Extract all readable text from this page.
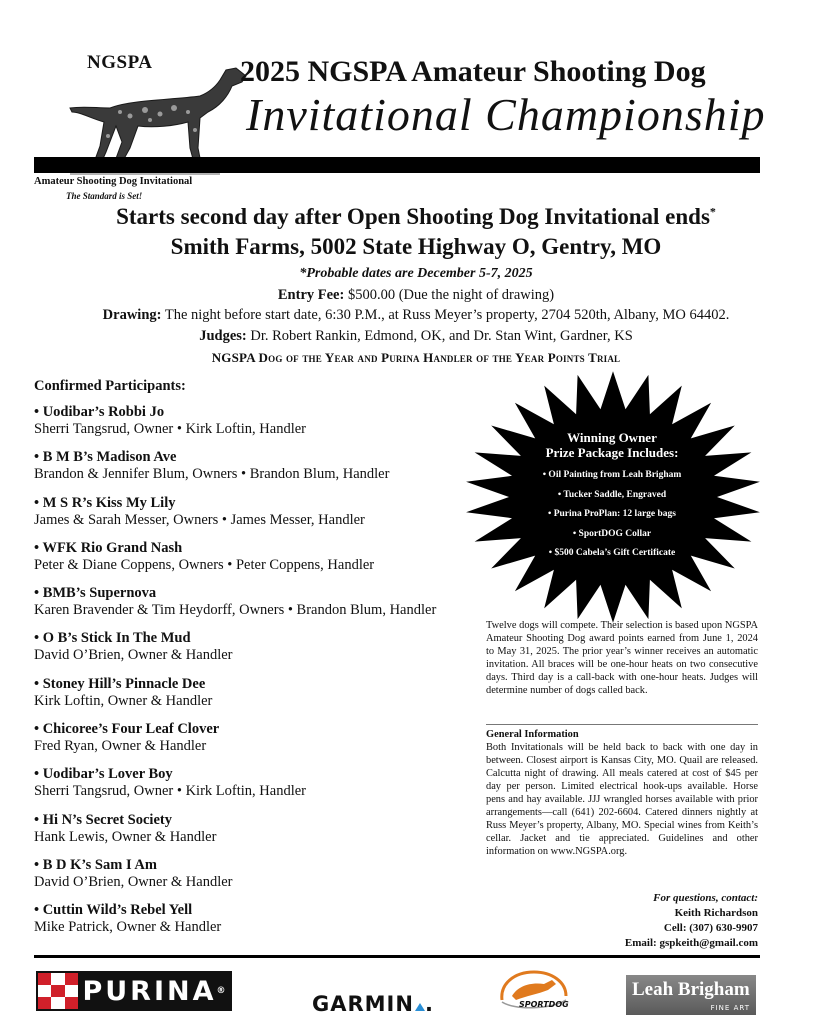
NGSPA
Amateur Shooting Dog Invitational
The Standard is Set!
2025 NGSPA Amateur Shooting Dog
Invitational Championship
Starts second day after Open Shooting Dog Invitational ends*
Smith Farms, 5002 State Highway O, Gentry, MO
*Probable dates are December 5-7, 2025
Entry Fee: $500.00 (Due the night of drawing)
Drawing: The night before start date, 6:30 P.M., at Russ Meyer’s property, 2704 520th, Albany, MO 64402.
Judges: Dr. Robert Rankin, Edmond, OK, and Dr. Stan Wint, Gardner, KS
NGSPA Dog of the Year and Purina Handler of the Year Points Trial
Confirmed Participants:
• Uodibar’s Robbi Jo
Sherri Tangsrud, Owner • Kirk Loftin, Handler
• B M B’s Madison Ave
Brandon & Jennifer Blum, Owners • Brandon Blum, Handler
• M S R’s Kiss My Lily
James & Sarah Messer, Owners • James Messer, Handler
• WFK Rio Grand Nash
Peter & Diane Coppens, Owners • Peter Coppens, Handler
• BMB’s Supernova
Karen Bravender & Tim Heydorff, Owners • Brandon Blum, Handler
• O B’s Stick In The Mud
David O’Brien, Owner & Handler
• Stoney Hill’s Pinnacle Dee
Kirk Loftin, Owner & Handler
• Chicoree’s Four Leaf Clover
Fred Ryan, Owner & Handler
• Uodibar’s Lover Boy
Sherri Tangsrud, Owner • Kirk Loftin, Handler
• Hi N’s Secret Society
Hank Lewis, Owner & Handler
• B D K’s Sam I Am
David O’Brien, Owner & Handler
• Cuttin Wild’s Rebel Yell
Mike Patrick, Owner & Handler
Winning Owner
Prize Package Includes:
• Oil Painting from Leah Brigham
• Tucker Saddle, Engraved
• Purina ProPlan: 12 large bags
• SportDOG Collar
• $500 Cabela’s Gift Certificate
Twelve dogs will compete. Their selection is based upon NGSPA Amateur Shooting Dog award points earned from June 1, 2024 to May 31, 2025. The prior year’s winner receives an automatic invitation. All braces will be one-hour heats on two consecutive days. Third day is a call-back with one-hour heats. Judges will determine number of dogs called back.
General Information
Both Invitationals will be held back to back with one day in between. Closest airport is Kansas City, MO. Quail are released. Calcutta night of drawing. All meals catered at cost of $45 per day per person. Limited electrical hook-ups available. Horse pens and hay available. JJJ wrangled horses available with prior arrangements—call (641) 202-6604. Catered dinners nightly at Russ Meyer’s property, Albany, MO. Special wines from Keith’s cellar. Jacket and tie appreciated. Guidelines and other information on www.NGSPA.org.
For questions, contact:
Keith Richardson
Cell: (307) 630-9907
Email: gspkeith@gmail.com
PURINA ®
GARMIN .	SPORTDOG
Leah Brigham
FINE ART
